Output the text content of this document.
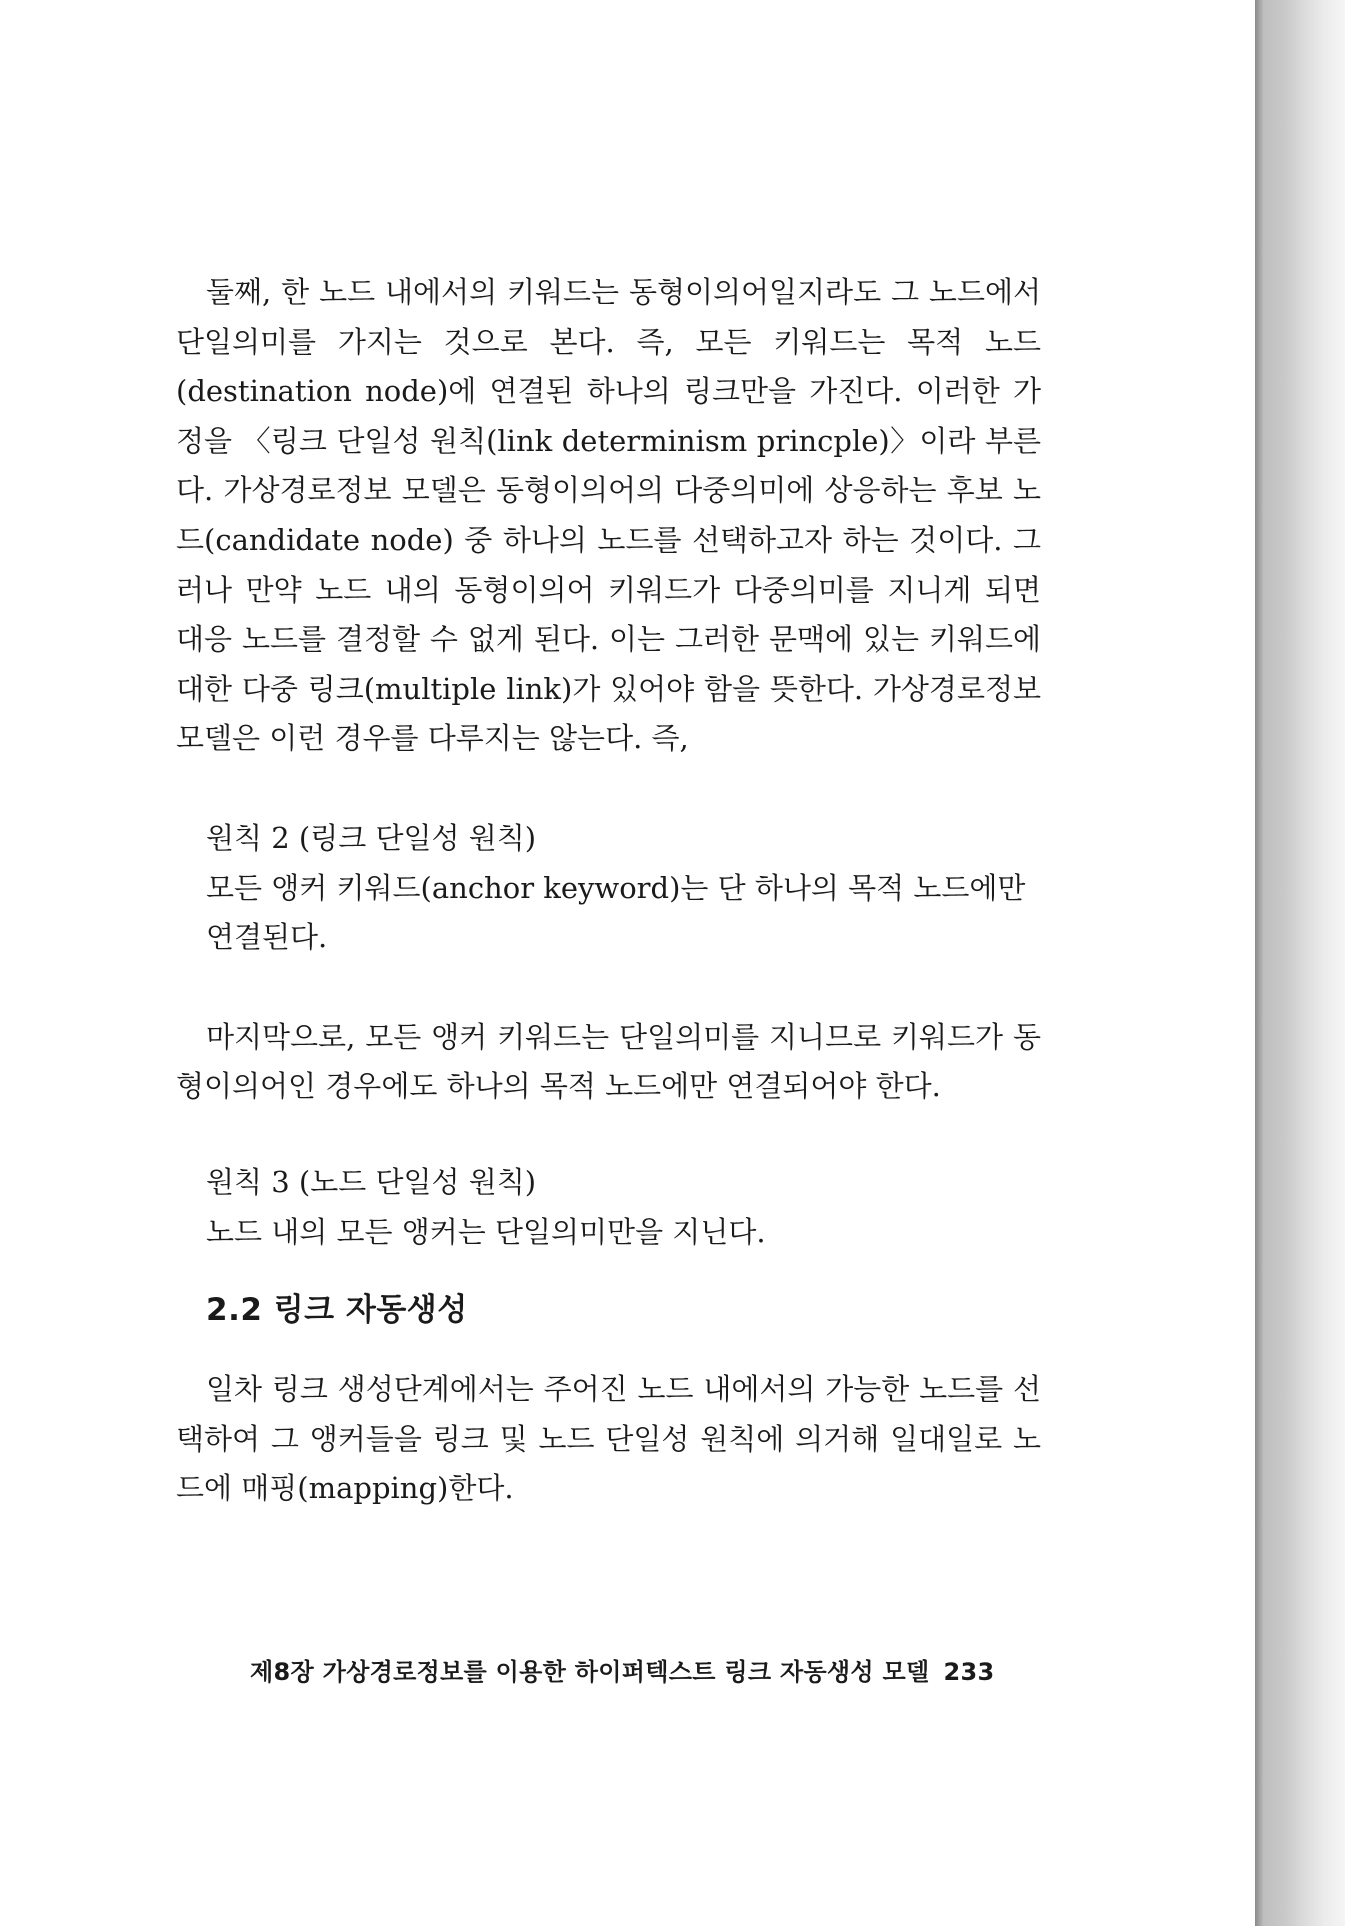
둘째, 한 노드 내에서의 키워드는 동형이의어일지라도 그 노드에서 단일의미를 가지는 것으로 본다. 즉, 모든 키워드는 목적 노드(destination node)에 연결된 하나의 링크만을 가진다. 이러한 가정을 〈링크 단일성 원칙(link determinism princple)〉이라 부른다. 가상경로정보 모델은 동형이의어의 다중의미에 상응하는 후보 노드(candidate node) 중 하나의 노드를 선택하고자 하는 것이다. 그러나 만약 노드 내의 동형이의어 키워드가 다중의미를 지니게 되면 대응 노드를 결정할 수 없게 된다. 이는 그러한 문맥에 있는 키워드에 대한 다중 링크(multiple link)가 있어야 함을 뜻한다. 가상경로정보 모델은 이런 경우를 다루지는 않는다. 즉,

원칙 2 (링크 단일성 원칙)

모든 앵커 키워드(anchor keyword)는 단 하나의 목적 노드에만 연결된다.

마지막으로, 모든 앵커 키워드는 단일의미를 지니므로 키워드가 동형이의어인 경우에도 하나의 목적 노드에만 연결되어야 한다.

원칙 3 (노드 단일성 원칙)

노드 내의 모든 앵커는 단일의미만을 지닌다.

2.2 링크 자동생성

일차 링크 생성단계에서는 주어진 노드 내에서의 가능한 노드를 선택하여 그 앵커들을 링크 및 노드 단일성 원칙에 의거해 일대일로 노드에 매핑(mapping)한다.

제8장 가상경로정보를 이용한 하이퍼텍스트 링크 자동생성 모델 233
